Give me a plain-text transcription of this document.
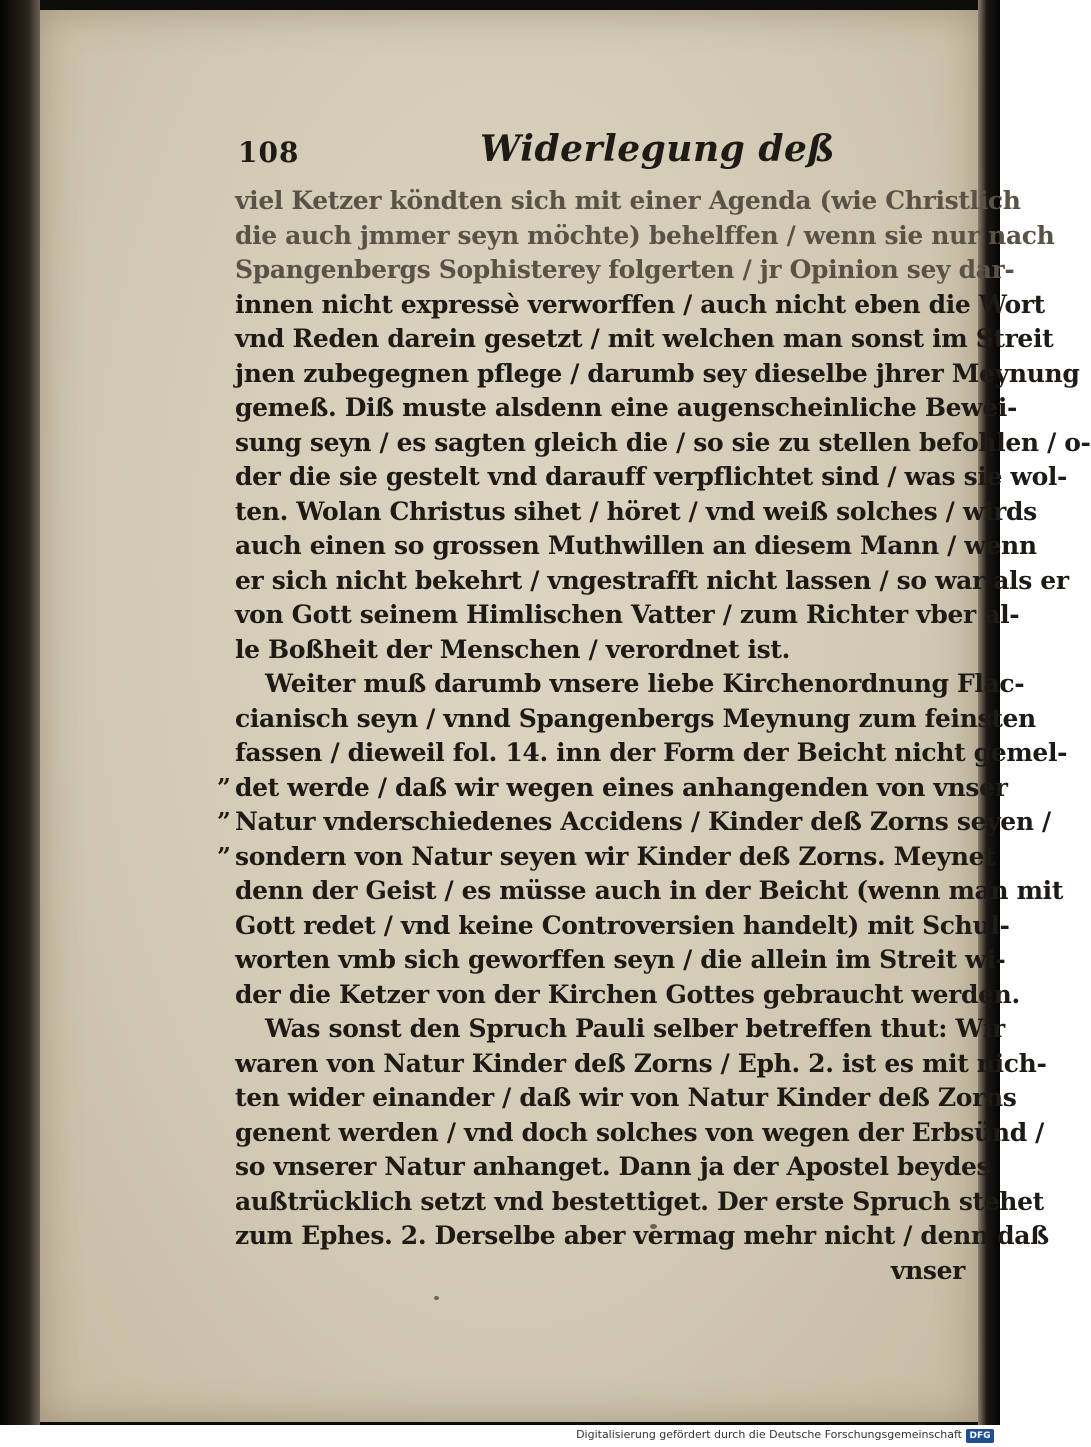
108	Widerlegung deß
viel Ketzer köndten sich mit einer Agenda (wie Christlich
die auch jmmer seyn möchte) behelffen / wenn sie nur nach
Spangenbergs Sophisterey folgerten / jr Opinion sey dar-
innen nicht expressè verworffen / auch nicht eben die Wort
vnd Reden darein gesetzt / mit welchen man sonst im Streit
jnen zubegegnen pflege / darumb sey dieselbe jhrer Meynung
gemeß. Diß muste alsdenn eine augenscheinliche Bewei-
sung seyn / es sagten gleich die / so sie zu stellen befohlen / o-
der die sie gestelt vnd darauff verpflichtet sind / was sie wol-
ten. Wolan Christus sihet / höret / vnd weiß solches / wirds
auch einen so grossen Muthwillen an diesem Mann / wenn
er sich nicht bekehrt / vngestrafft nicht lassen / so war als er
von Gott seinem Himlischen Vatter / zum Richter vber al-
le Boßheit der Menschen / verordnet ist.
Weiter muß darumb vnsere liebe Kirchenordnung Flac-
cianisch seyn / vnnd Spangenbergs Meynung zum feinsten
fassen / dieweil fol. 14. inn der Form der Beicht nicht gemel-
” det werde / daß wir wegen eines anhangenden von vnser
” Natur vnderschiedenes Accidens / Kinder deß Zorns seyen /
” sondern von Natur seyen wir Kinder deß Zorns. Meynet
denn der Geist / es müsse auch in der Beicht (wenn man mit
Gott redet / vnd keine Controversien handelt) mit Schul-
worten vmb sich geworffen seyn / die allein im Streit wi-
der die Ketzer von der Kirchen Gottes gebraucht werden.
Was sonst den Spruch Pauli selber betreffen thut: Wir
waren von Natur Kinder deß Zorns / Eph. 2. ist es mit nich-
ten wider einander / daß wir von Natur Kinder deß Zorns
genent werden / vnd doch solches von wegen der Erbsünd /
so vnserer Natur anhanget. Dann ja der Apostel beydes
außtrücklich setzt vnd bestettiget. Der erste Spruch stehet
zum Ephes. 2. Derselbe aber vermag mehr nicht / denn daß
vnser
Digitalisierung gefördert durch die Deutsche Forschungsgemeinschaft DFG
